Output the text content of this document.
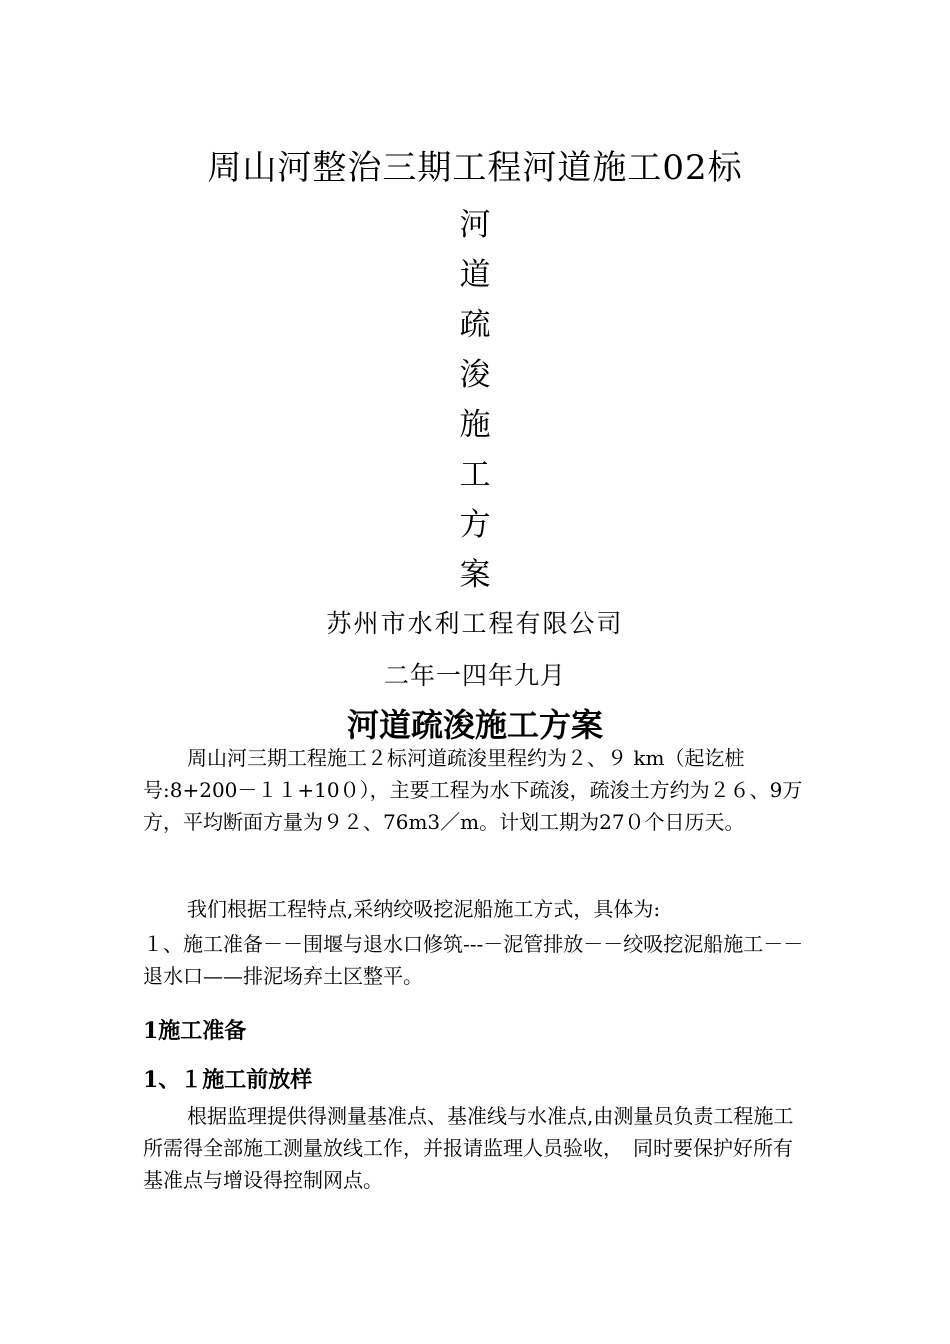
周山河整治三期工程河道施工02标
河
道
疏
浚
施
工
方
案
苏州市水利工程有限公司
二年一四年九月
河道疏浚施工方案

周山河三期工程施工２标河道疏浚里程约为２、９ km（起讫桩号:8+200－１１+10０），主要工程为水下疏浚，疏浚土方约为２６、9万方，平均断面方量为９２、76m3／m。计划工期为27０个日历天。

我们根据工程特点,采纳绞吸挖泥船施工方式，具体为:

１、施工准备－－围堰与退水口修筑---－泥管排放－－绞吸挖泥船施工－－退水口——排泥场弃土区整平。

1施工准备
1、１施工前放样

根据监理提供得测量基准点、基准线与水准点,由测量员负责工程施工所需得全部施工测量放线工作，并报请监理人员验收，　同时要保护好所有基准点与增设得控制网点。
